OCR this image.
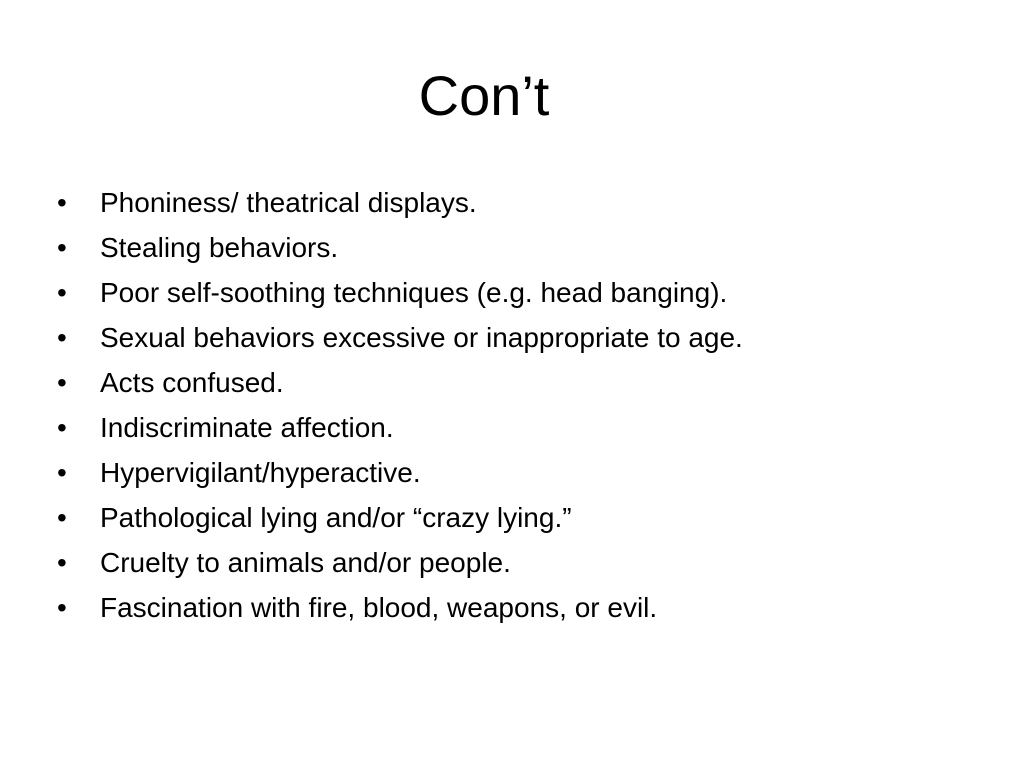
Con’t
•	Phoniness/ theatrical displays.
•	Stealing behaviors.
•	Poor self-soothing techniques (e.g. head banging).
•	Sexual behaviors excessive or inappropriate to age.
•	Acts confused.
•	Indiscriminate affection.
•	Hypervigilant/hyperactive.
•	Pathological lying and/or “crazy lying.”
•	Cruelty to animals and/or people.
•	Fascination with fire, blood, weapons, or evil.
